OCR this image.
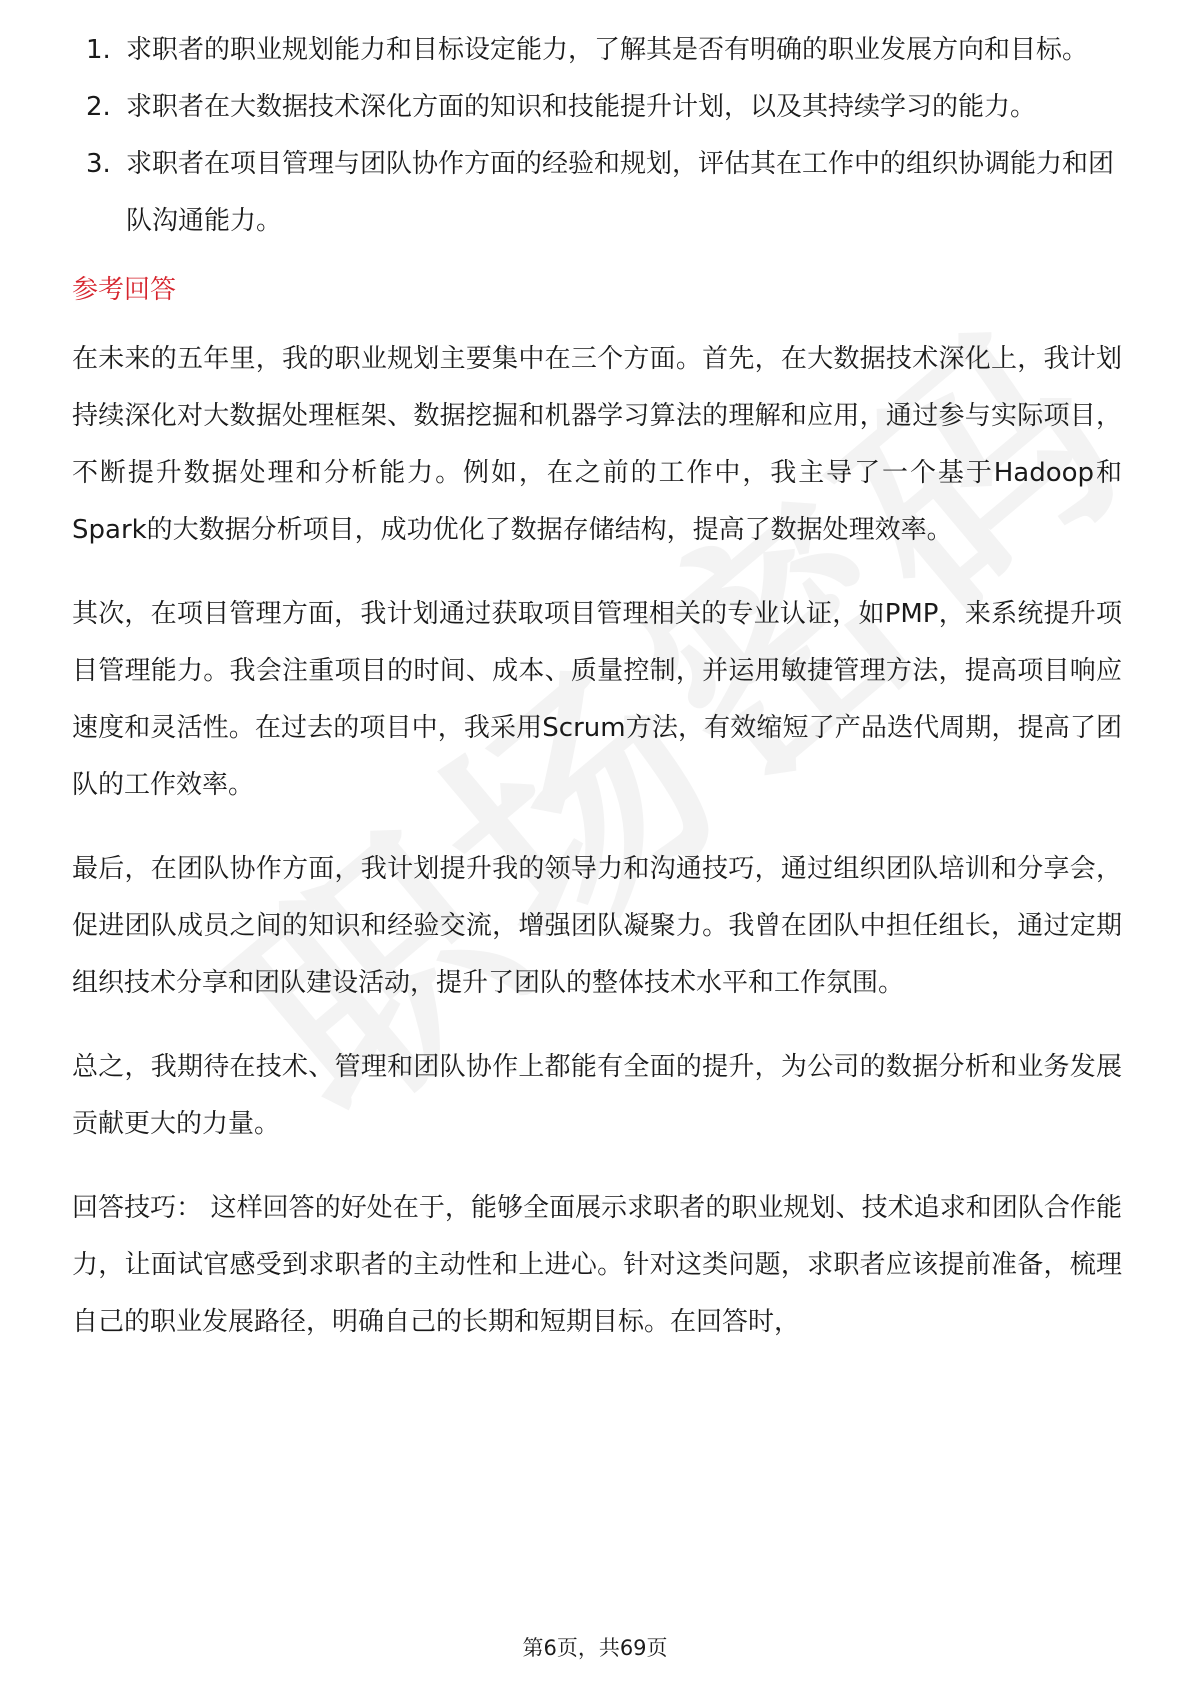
1. 求职者的职业规划能力和目标设定能力，了解其是否有明确的职业发展方向和目标。
2. 求职者在大数据技术深化方面的知识和技能提升计划，以及其持续学习的能力。
3. 求职者在项目管理与团队协作方面的经验和规划，评估其在工作中的组织协调能力和团队沟通能力。
参考回答

在未来的五年里，我的职业规划主要集中在三个方面。首先，在大数据技术深化上，我计划持续深化对大数据处理框架、数据挖掘和机器学习算法的理解和应用，通过参与实际项目，不断提升数据处理和分析能力。例如，在之前的工作中，我主导了一个基于Hadoop和Spark的大数据分析项目，成功优化了数据存储结构，提高了数据处理效率。

其次，在项目管理方面，我计划通过获取项目管理相关的专业认证，如PMP，来系统提升项目管理能力。我会注重项目的时间、成本、质量控制，并运用敏捷管理方法，提高项目响应速度和灵活性。在过去的项目中，我采用Scrum方法，有效缩短了产品迭代周期，提高了团队的工作效率。

最后，在团队协作方面，我计划提升我的领导力和沟通技巧，通过组织团队培训和分享会，促进团队成员之间的知识和经验交流，增强团队凝聚力。我曾在团队中担任组长，通过定期组织技术分享和团队建设活动，提升了团队的整体技术水平和工作氛围。

总之，我期待在技术、管理和团队协作上都能有全面的提升，为公司的数据分析和业务发展贡献更大的力量。

回答技巧： 这样回答的好处在于，能够全面展示求职者的职业规划、技术追求和团队合作能力，让面试官感受到求职者的主动性和上进心。针对这类问题，求职者应该提前准备，梳理自己的职业发展路径，明确自己的长期和短期目标。在回答时，

第6页，共69页
